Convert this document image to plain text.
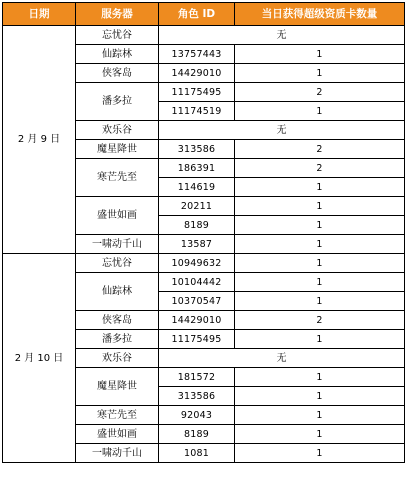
日期	服务器	角色 ID	当日获得超级资质卡数量
2 月 9 日	忘忧谷	无	
	仙踪林	13757443	1
	侠客岛	14429010	1
	潘多拉	11175495	2
		11174519	1
	欢乐谷	无	
	魔星降世	313586	2
	寒芒先至	186391	2
		114619	1
	盛世如画	20211	1
		8189	1
	一啸动千山	13587	1
2 月 10 日	忘忧谷	10949632	1
	仙踪林	10104442	1
		10370547	1
	侠客岛	14429010	2
	潘多拉	11175495	1
	欢乐谷	无	
	魔星降世	181572	1
		313586	1
	寒芒先至	92043	1
	盛世如画	8189	1
	一啸动千山	1081	1
